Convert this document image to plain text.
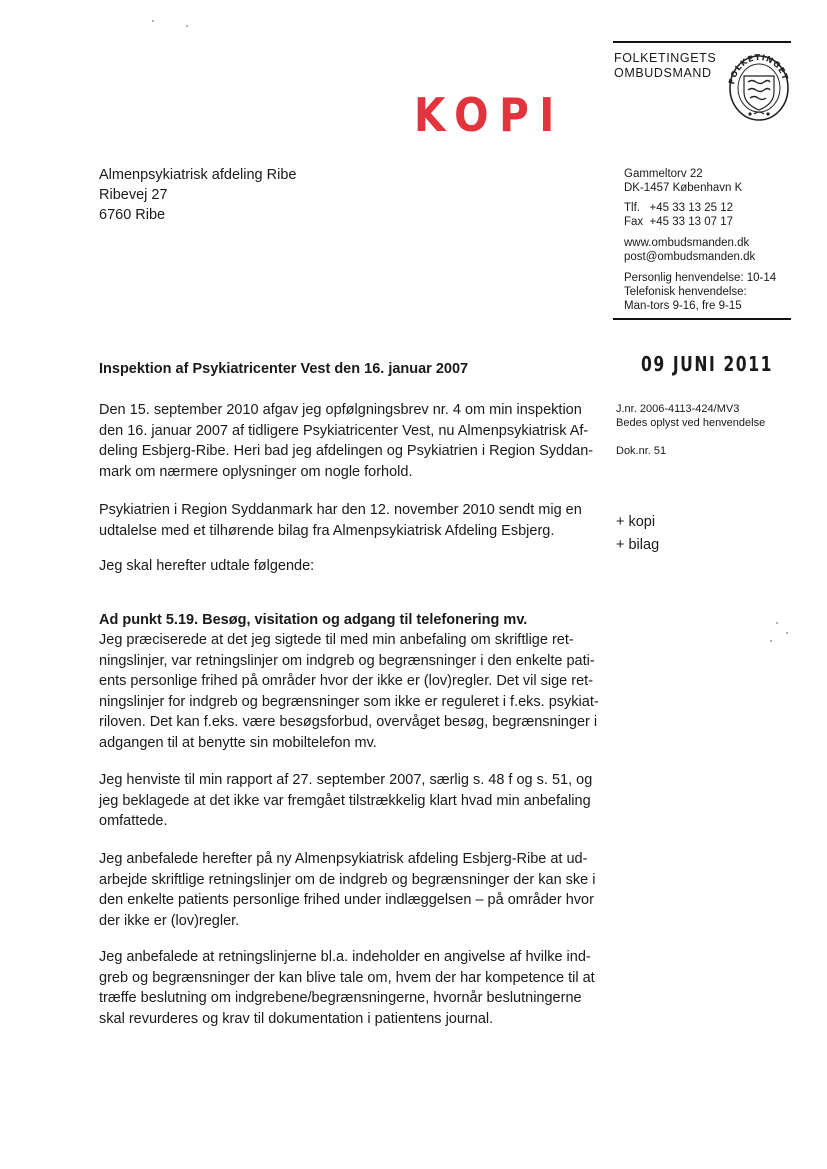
FOLKETINGETS
OMBUDSMAND
FOLKETINGET
KOPI
Almenpsykiatrisk afdeling Ribe
Ribevej 27
6760 Ribe
Gammeltorv 22
DK-1457 København K
Tlf.   +45 33 13 25 12
Fax  +45 33 13 07 17
www.ombudsmanden.dk
post@ombudsmanden.dk
Personlig henvendelse: 10-14
Telefonisk henvendelse:
Man-tors 9-16, fre 9-15
09 JUNI 2011
Inspektion af Psykiatricenter Vest den 16. januar 2007
J.nr. 2006-4113-424/MV3
Bedes oplyst ved henvendelse
Dok.nr. 51
+ kopi
+ bilag
Den 15. september 2010 afgav jeg opfølgningsbrev nr. 4 om min inspektion
den 16. januar 2007 af tidligere Psykiatricenter Vest, nu Almenpsykiatrisk Af-
deling Esbjerg-Ribe. Heri bad jeg afdelingen og Psykiatrien i Region Syddan-
mark om nærmere oplysninger om nogle forhold.
Psykiatrien i Region Syddanmark har den 12. november 2010 sendt mig en
udtalelse med et tilhørende bilag fra Almenpsykiatrisk Afdeling Esbjerg.
Jeg skal herefter udtale følgende:
Ad punkt 5.19. Besøg, visitation og adgang til telefonering mv.
Jeg præciserede at det jeg sigtede til med min anbefaling om skriftlige ret-
ningslinjer, var retningslinjer om indgreb og begrænsninger i den enkelte pati-
ents personlige frihed på områder hvor der ikke er (lov)regler. Det vil sige ret-
ningslinjer for indgreb og begrænsninger som ikke er reguleret i f.eks. psykiat-
riloven. Det kan f.eks. være besøgsforbud, overvåget besøg, begrænsninger i
adgangen til at benytte sin mobiltelefon mv.
Jeg henviste til min rapport af 27. september 2007, særlig s. 48 f og s. 51, og
jeg beklagede at det ikke var fremgået tilstrækkelig klart hvad min anbefaling
omfattede.
Jeg anbefalede herefter på ny Almenpsykiatrisk afdeling Esbjerg-Ribe at ud-
arbejde skriftlige retningslinjer om de indgreb og begrænsninger der kan ske i
den enkelte patients personlige frihed under indlæggelsen – på områder hvor
der ikke er (lov)regler.
Jeg anbefalede at retningslinjerne bl.a. indeholder en angivelse af hvilke ind-
greb og begrænsninger der kan blive tale om, hvem der har kompetence til at
træffe beslutning om indgrebene/begrænsningerne, hvornår beslutningerne
skal revurderes og krav til dokumentation i patientens journal.
